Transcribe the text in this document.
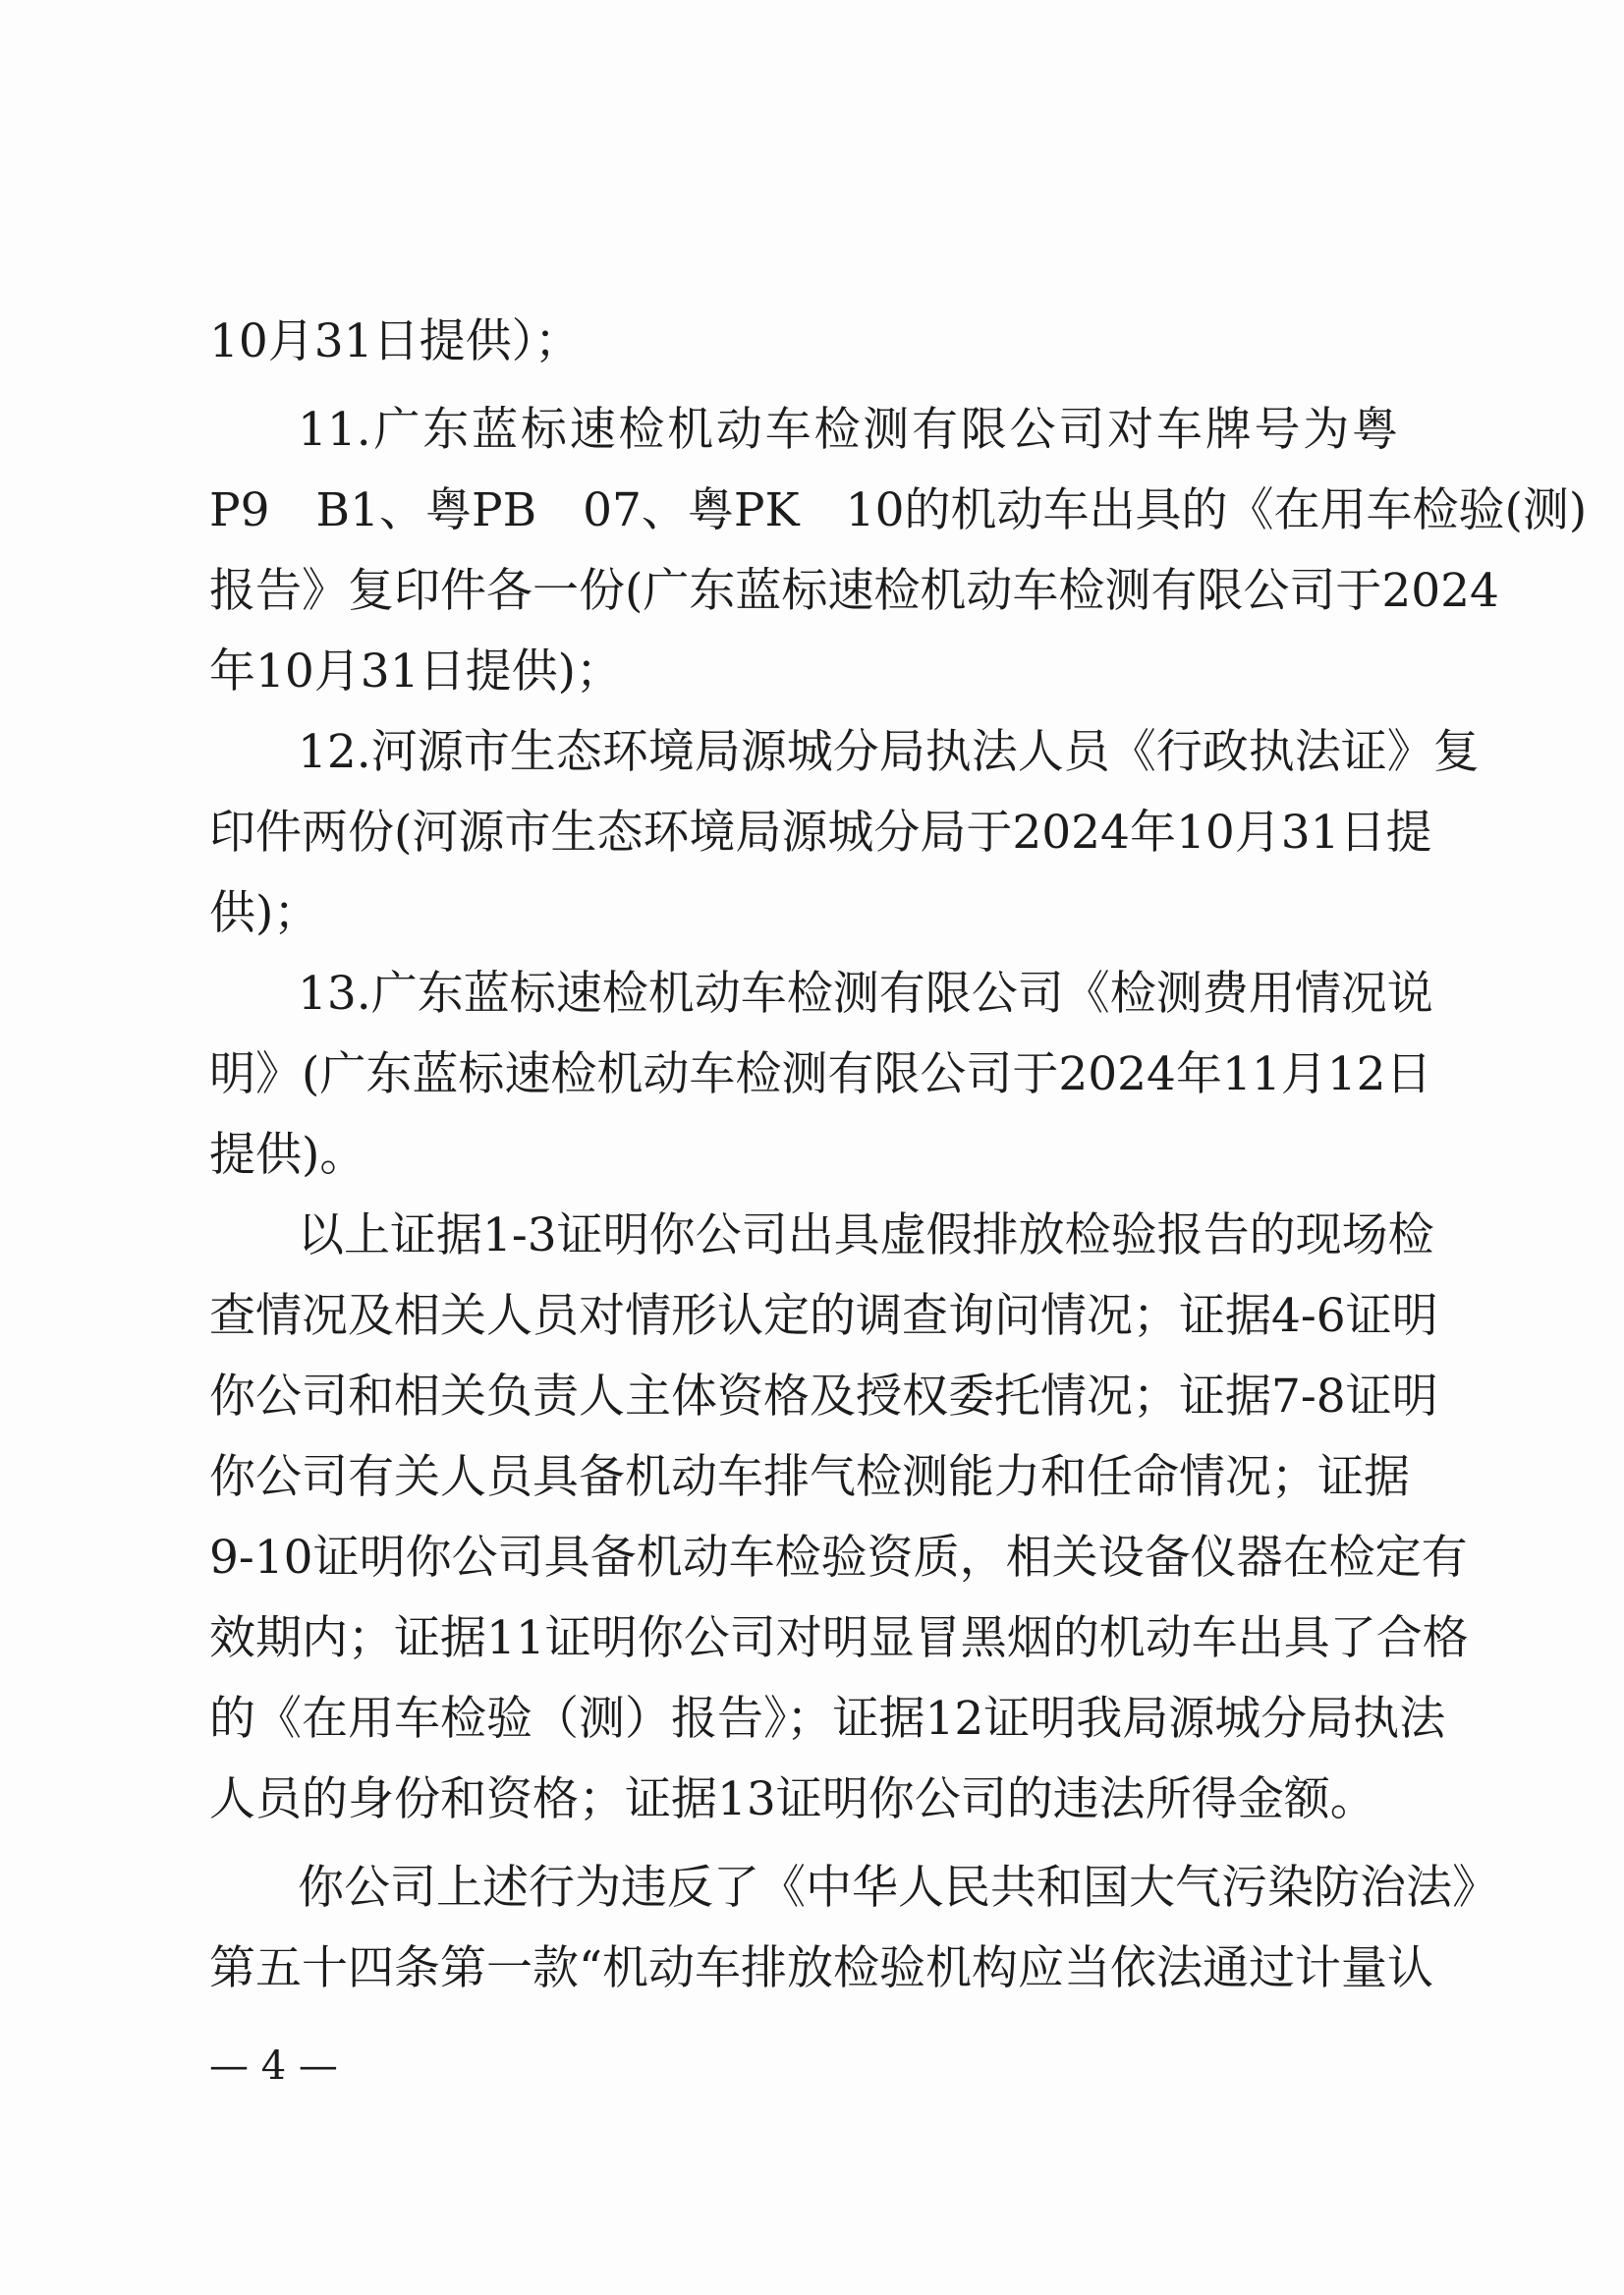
10月31日提供）；
11.广东蓝标速检机动车检测有限公司对车牌号为粤
P9　B1、粤PB　07、粤PK　10的机动车出具的《在用车检验(测)
报告》复印件各一份(广东蓝标速检机动车检测有限公司于2024
年10月31日提供)；
12.河源市生态环境局源城分局执法人员《行政执法证》复
印件两份(河源市生态环境局源城分局于2024年10月31日提
供)；
13.广东蓝标速检机动车检测有限公司《检测费用情况说
明》(广东蓝标速检机动车检测有限公司于2024年11月12日
提供)。
以上证据1-3证明你公司出具虚假排放检验报告的现场检
查情况及相关人员对情形认定的调查询问情况；证据4-6证明
你公司和相关负责人主体资格及授权委托情况；证据7-8证明
你公司有关人员具备机动车排气检测能力和任命情况；证据
9-10证明你公司具备机动车检验资质，相关设备仪器在检定有
效期内；证据11证明你公司对明显冒黑烟的机动车出具了合格
的《在用车检验（测）报告》；证据12证明我局源城分局执法
人员的身份和资格；证据13证明你公司的违法所得金额。
你公司上述行为违反了《中华人民共和国大气污染防治法》
第五十四条第一款“机动车排放检验机构应当依法通过计量认
— 4 —
